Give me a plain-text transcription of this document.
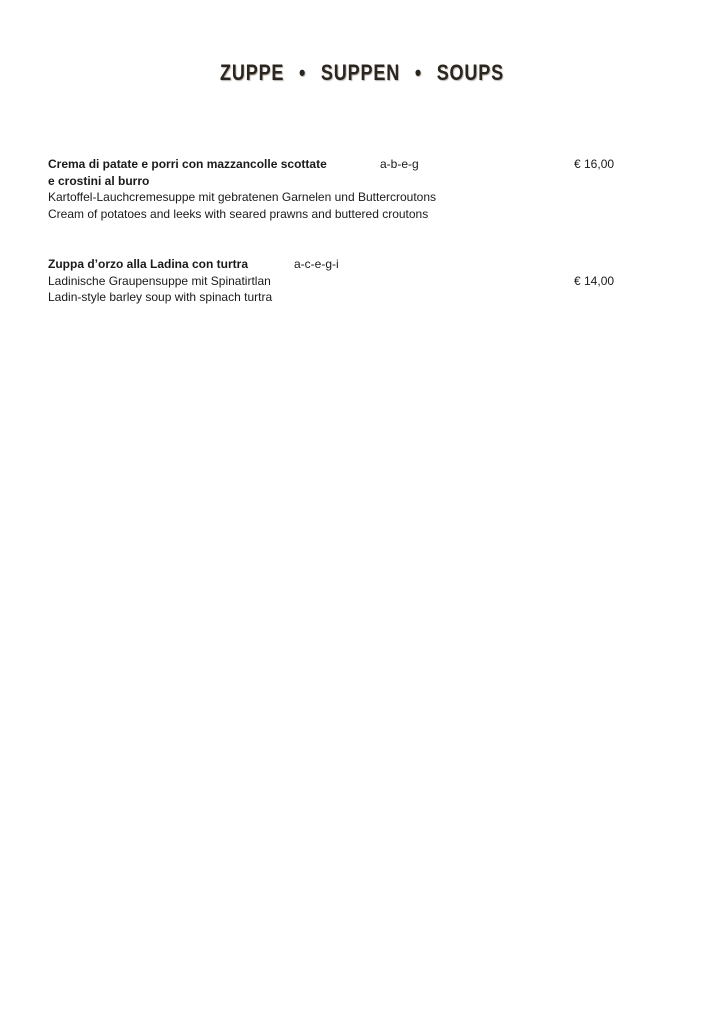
ZUPPE • SUPPEN • SOUPS
Crema di patate e porri con mazzancolle scottate	a-b-e-g	€ 16,00
e crostini al burro
Kartoffel-Lauchcremesuppe mit gebratenen Garnelen und Buttercroutons
Cream of potatoes and leeks with seared prawns and buttered croutons
Zuppa d’orzo alla Ladina con turtra	a-c-e-g-i
Ladinische Graupensuppe mit Spinatirtlan	€ 14,00
Ladin-style barley soup with spinach turtra
